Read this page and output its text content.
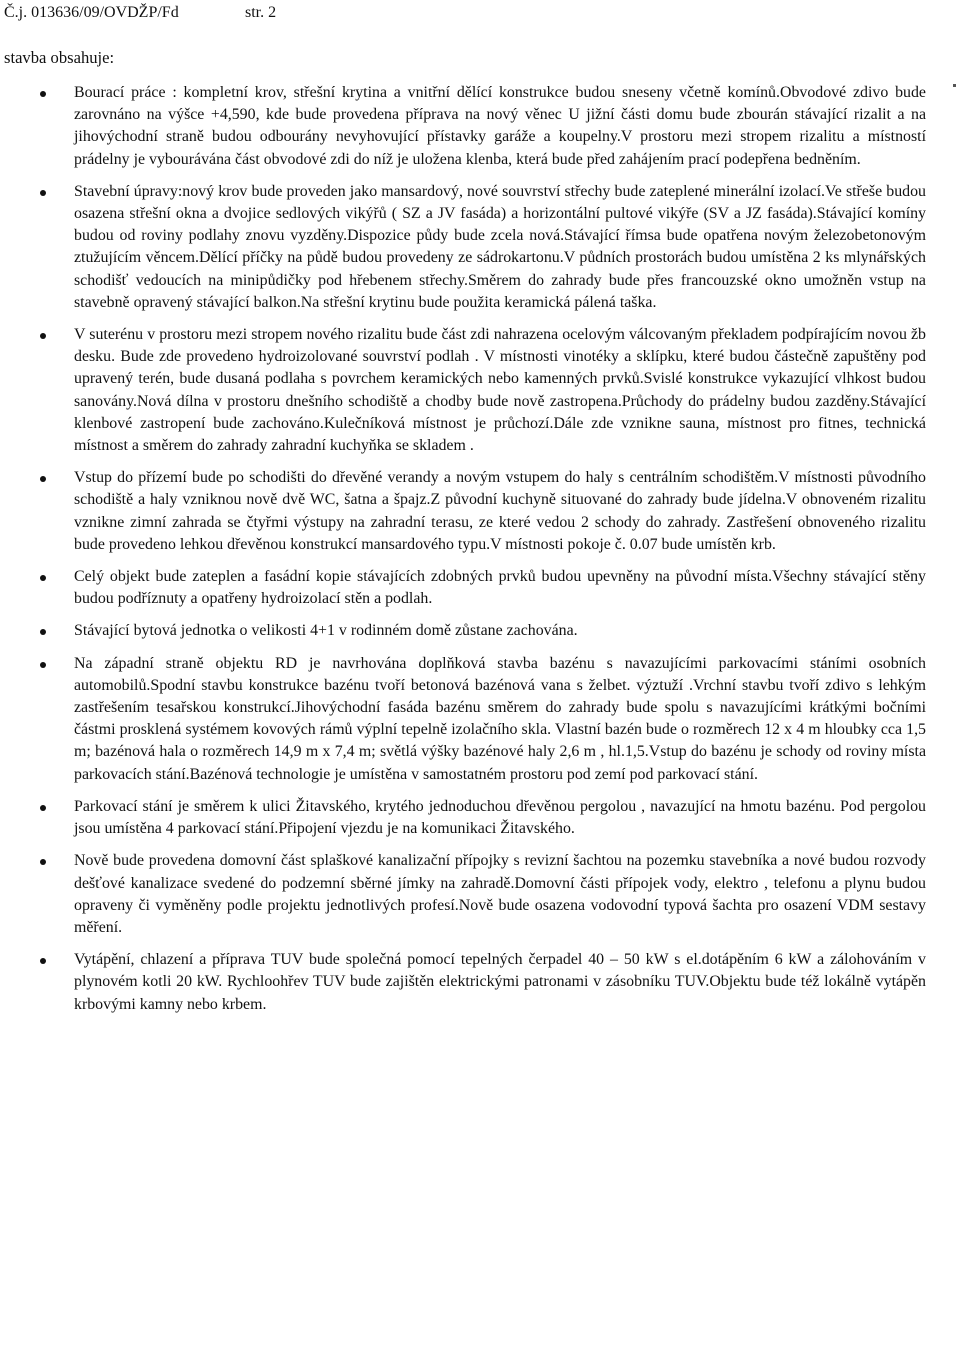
Č.j. 013636/09/OVDŽP/Fd	str. 2
stavba obsahuje:
Bourací práce : kompletní krov, střešní krytina a vnitřní dělící konstrukce budou sneseny včetně komínů.Obvodové zdivo bude zarovnáno na výšce +4,590, kde bude provedena příprava na nový věnec U jižní části domu bude zbourán stávající rizalit a na jihovýchodní straně budou odbourány nevyhovující přístavky garáže a koupelny.V prostoru mezi stropem rizalitu a místností prádelny je vybourávána část obvodové zdi do níž je uložena klenba, která bude před zahájením prací podepřena bedněním.
Stavební úpravy:nový krov bude proveden jako mansardový, nové souvrství střechy bude zateplené minerální izolací.Ve střeše budou osazena střešní okna a dvojice sedlových vikýřů ( SZ a JV fasáda) a horizontální pultové vikýře (SV a JZ fasáda).Stávající komíny budou od roviny podlahy znovu vyzděny.Dispozice půdy bude zcela nová.Stávající římsa bude opatřena novým železobetonovým ztužujícím věncem.Dělící příčky na půdě budou provedeny ze sádrokartonu.V půdních prostorách budou umístěna 2 ks mlynářských schodišť vedoucích na minipůdičky pod hřebenem střechy.Směrem do zahrady bude přes francouzské okno umožněn vstup na stavebně opravený stávající balkon.Na střešní krytinu bude použita keramická pálená taška.
V suterénu v prostoru mezi stropem nového rizalitu bude část zdi nahrazena ocelovým válcovaným překladem podpírajícím novou žb desku. Bude zde provedeno hydroizolované souvrství podlah . V místnosti vinotéky a sklípku, které budou částečně zapuštěny pod upravený terén, bude dusaná podlaha s povrchem keramických nebo kamenných prvků.Svislé konstrukce vykazující vlhkost budou sanovány.Nová dílna v prostoru dnešního schodiště a chodby bude nově zastropena.Průchody do prádelny budou zazděny.Stávající klenbové zastropení bude zachováno.Kulečníková místnost je průchozí.Dále zde vznikne sauna, místnost pro fitnes, technická místnost a směrem do zahrady zahradní kuchyňka se skladem .
Vstup do přízemí bude po schodišti do dřevěné verandy a novým vstupem do haly s centrálním schodištěm.V místnosti původního schodiště a haly vzniknou nově dvě WC, šatna a špajz.Z původní kuchyně situované do zahrady bude jídelna.V obnoveném rizalitu vznikne zimní zahrada se čtyřmi výstupy na zahradní terasu, ze které vedou 2 schody do zahrady. Zastřešení obnoveného rizalitu bude provedeno lehkou dřevěnou konstrukcí mansardového typu.V místnosti pokoje č. 0.07 bude umístěn krb.
Celý objekt bude zateplen a fasádní kopie stávajících zdobných prvků budou upevněny na původní místa.Všechny stávající stěny budou podříznuty a opatřeny hydroizolací stěn a podlah.
Stávající bytová jednotka o velikosti 4+1 v rodinném domě zůstane zachována.
Na západní straně objektu RD je navrhována doplňková stavba bazénu s navazujícími parkovacími stáními osobních automobilů.Spodní stavbu konstrukce bazénu tvoří betonová bazénová vana s želbet. výztuží .Vrchní stavbu tvoří zdivo s lehkým zastřešením tesařskou konstrukcí.Jihovýchodní fasáda bazénu směrem do zahrady bude spolu s navazujícími krátkými bočními částmi prosklená systémem kovových rámů výplní tepelně izolačního skla. Vlastní bazén bude o rozměrech 12 x 4 m hloubky cca 1,5 m; bazénová hala o rozměrech 14,9 m x 7,4 m; světlá výšky bazénové haly 2,6 m , hl.1,5.Vstup do bazénu je schody od roviny místa parkovacích stání.Bazénová technologie je umístěna v samostatném prostoru pod zemí pod parkovací stání.
Parkovací stání je směrem k ulici Žitavského, krytého jednoduchou dřevěnou pergolou , navazující na hmotu bazénu. Pod pergolou jsou umístěna 4 parkovací stání.Připojení vjezdu je na komunikaci Žitavského.
Nově bude provedena domovní část splaškové kanalizační přípojky s revizní šachtou na pozemku stavebníka a nové budou rozvody dešťové kanalizace svedené do podzemní sběrné jímky na zahradě.Domovní části přípojek vody, elektro , telefonu a plynu budou opraveny či vyměněny podle projektu jednotlivých profesí.Nově bude osazena vodovodní typová šachta pro osazení VDM sestavy měření.
Vytápění, chlazení a příprava TUV bude společná pomocí tepelných čerpadel 40 – 50 kW s el.dotápěním 6 kW a zálohováním v plynovém kotli 20 kW. Rychloohřev TUV bude zajištěn elektrickými patronami v zásobníku TUV.Objektu bude též lokálně vytápěn krbovými kamny nebo krbem.
